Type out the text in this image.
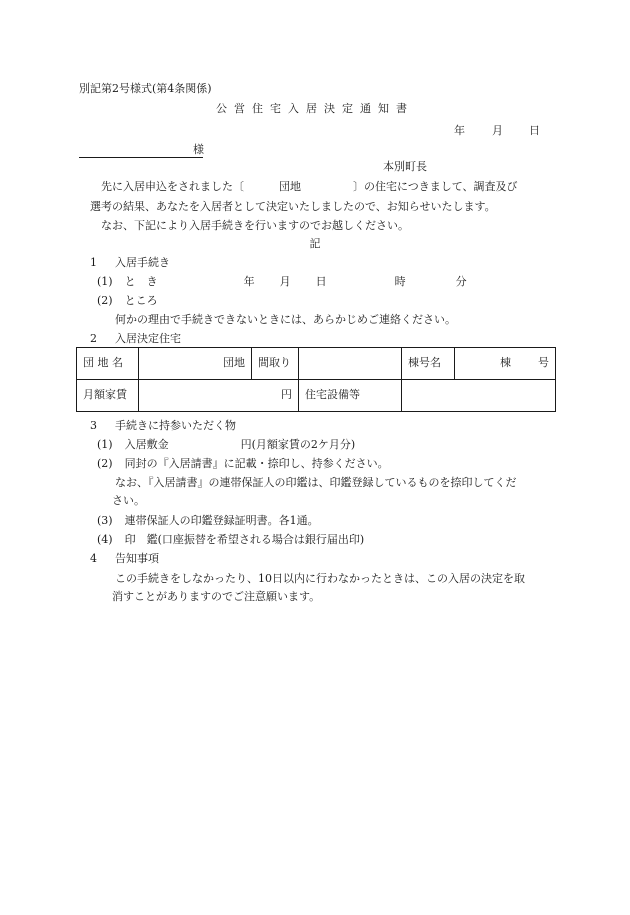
別記第2号様式(第4条関係)
公営住宅入居決定通知書
年 月 日
様
本別町長
先に入居申込をされました〔	団地	〕の住宅につきまして、調査及び
選考の結果、あなたを入居者として決定いたしましたので、お知らせいたします。
なお、下記により入居手続きを行いますのでお越しください。
記
1 入居手続き
(1) と　き	年 月 日	時	分
(2) ところ
何かの理由で手続きできないときには、あらかじめご連絡ください。
2 入居決定住宅
団 地 名	団地	間取り		棟号名	棟 号
月額家賃	円		住宅設備等		
3 手続きに持参いただく物
(1) 入居敷金	円(月額家賃の2ケ月分)
(2) 同封の『入居請書』に記載・捺印し、持参ください。
なお、『入居請書』の連帯保証人の印鑑は、印鑑登録しているものを捺印してくだ
さい。
(3) 連帯保証人の印鑑登録証明書。各1通。
(4) 印　鑑(口座振替を希望される場合は銀行届出印)
4 告知事項
この手続きをしなかったり、10日以内に行わなかったときは、この入居の決定を取
消すことがありますのでご注意願います。
